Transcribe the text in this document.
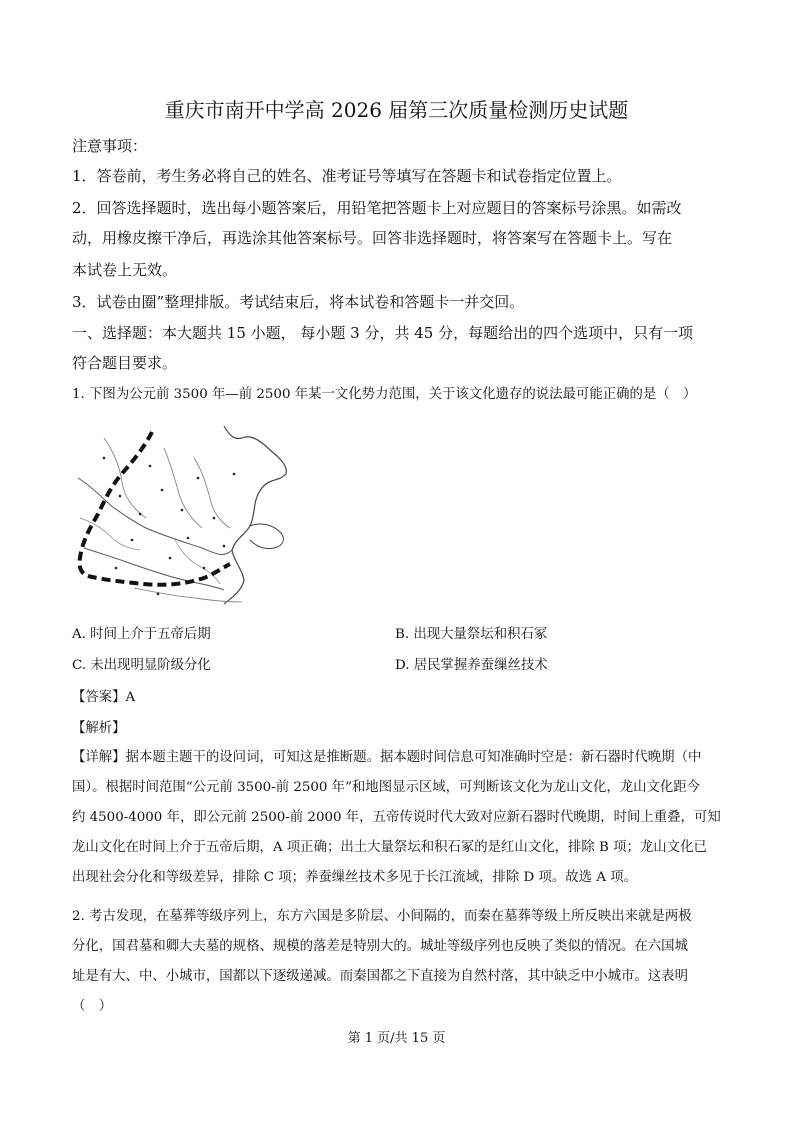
重庆市南开中学高 2026 届第三次质量检测历史试题

注意事项：

1．答卷前，考生务必将自己的姓名、准考证号等填写在答题卡和试卷指定位置上。

2．回答选择题时，选出每小题答案后，用铅笔把答题卡上对应题目的答案标号涂黑。如需改

动，用橡皮擦干净后，再选涂其他答案标号。回答非选择题时，将答案写在答题卡上。写在

本试卷上无效。

3．试卷由圈”整理排版。考试结束后，将本试卷和答题卡一并交回。

一、选择题：本大题共 15 小题， 每小题 3 分，共 45 分，每题给出的四个选项中，只有一项

符合题目要求。

1. 下图为公元前 3500 年—前 2500 年某一文化势力范围，关于该文化遗存的说法最可能正确的是（　）

A. 时间上介于五帝后期	B. 出现大量祭坛和积石冢
C. 未出现明显阶级分化	D. 居民掌握养蚕缫丝技术
【答案】A
【解析】

【详解】据本题主题干的设问词，可知这是推断题。据本题时间信息可知准确时空是：新石器时代晚期（中

国）。根据时间范围“公元前 3500-前 2500 年”和地图显示区域，可判断该文化为龙山文化，龙山文化距今

约 4500-4000 年，即公元前 2500-前 2000 年，五帝传说时代大致对应新石器时代晚期，时间上重叠，可知

龙山文化在时间上介于五帝后期，A 项正确；出土大量祭坛和积石冢的是红山文化，排除 B 项；龙山文化已

出现社会分化和等级差异，排除 C 项；养蚕缫丝技术多见于长江流域，排除 D 项。故选 A 项。

2. 考古发现，在墓葬等级序列上，东方六国是多阶层、小间隔的，而秦在墓葬等级上所反映出来就是两极

分化，国君墓和卿大夫墓的规格、规模的落差是特别大的。城址等级序列也反映了类似的情况。在六国城

址是有大、中、小城市，国都以下逐级递减。而秦国都之下直接为自然村落，其中缺乏中小城市。这表明

（　）

第 1 页/共 15 页
